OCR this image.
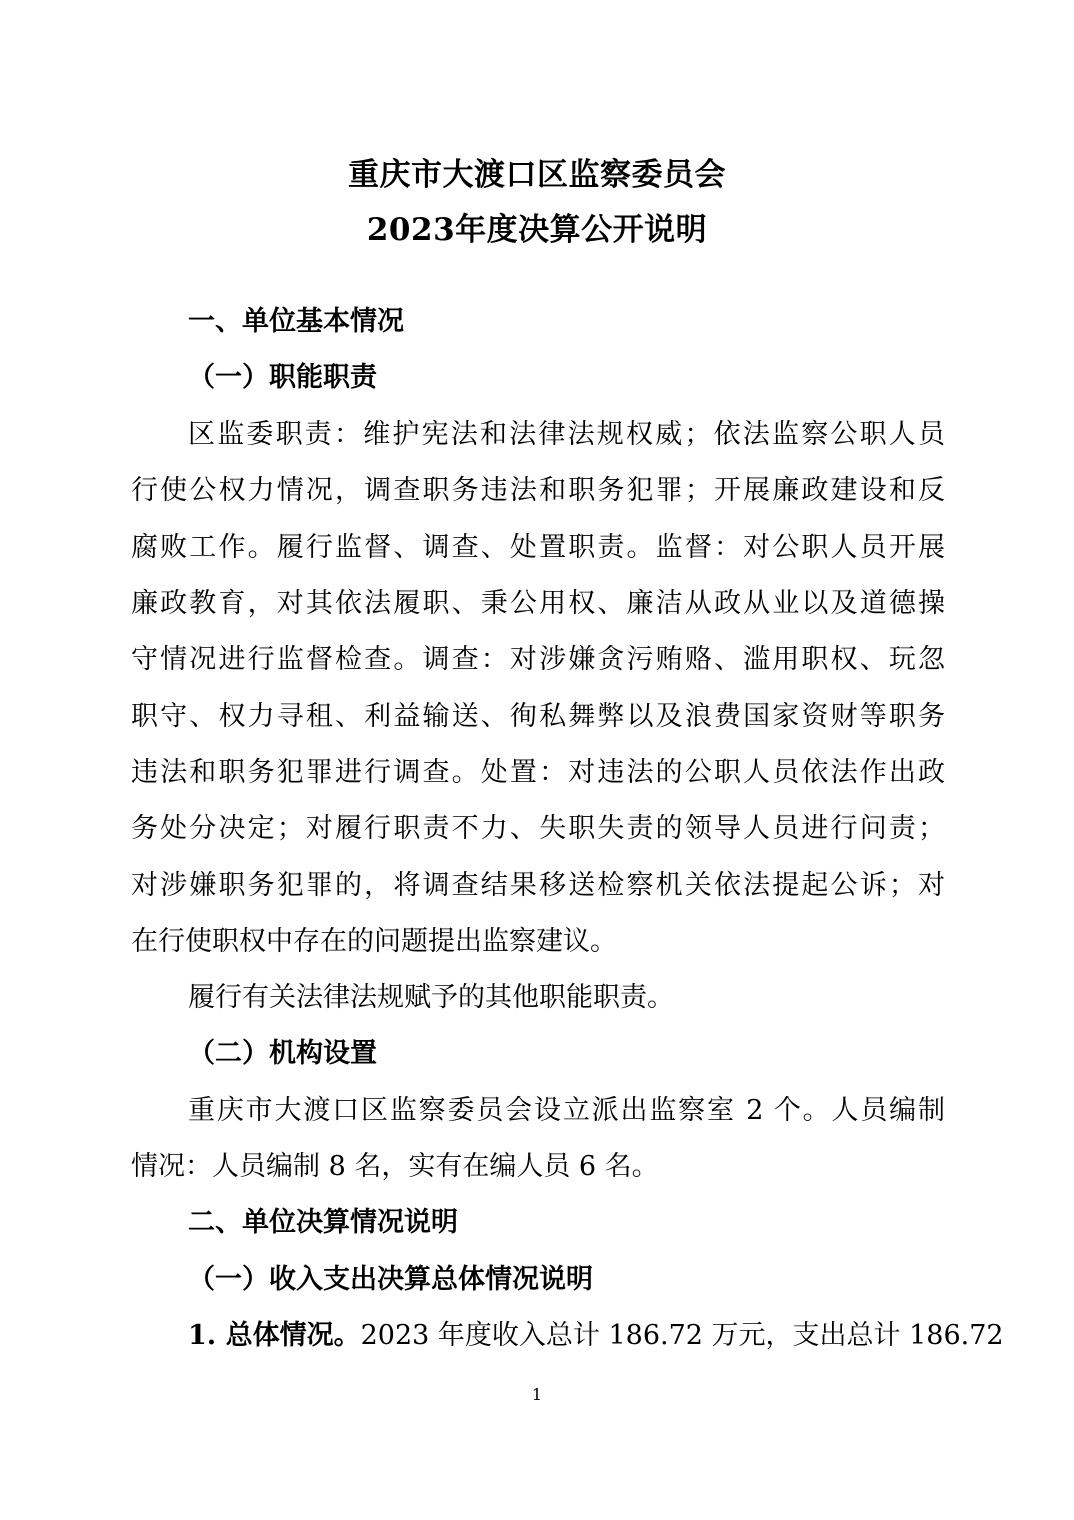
重庆市大渡口区监察委员会
2023年度决算公开说明
一、单位基本情况
（一）职能职责
区监委职责：维护宪法和法律法规权威；依法监察公职人员
行使公权力情况，调查职务违法和职务犯罪；开展廉政建设和反
腐败工作。履行监督、调查、处置职责。监督：对公职人员开展
廉政教育，对其依法履职、秉公用权、廉洁从政从业以及道德操
守情况进行监督检查。调查：对涉嫌贪污贿赂、滥用职权、玩忽
职守、权力寻租、利益输送、徇私舞弊以及浪费国家资财等职务
违法和职务犯罪进行调查。处置：对违法的公职人员依法作出政
务处分决定；对履行职责不力、失职失责的领导人员进行问责；
对涉嫌职务犯罪的，将调查结果移送检察机关依法提起公诉；对
在行使职权中存在的问题提出监察建议。
履行有关法律法规赋予的其他职能职责。
（二）机构设置
重庆市大渡口区监察委员会设立派出监察室 2 个。人员编制
情况：人员编制 8 名，实有在编人员 6 名。
二、单位决算情况说明
（一）收入支出决算总体情况说明
1. 总体情况。2023 年度收入总计 186.72 万元，支出总计 186.72
1
